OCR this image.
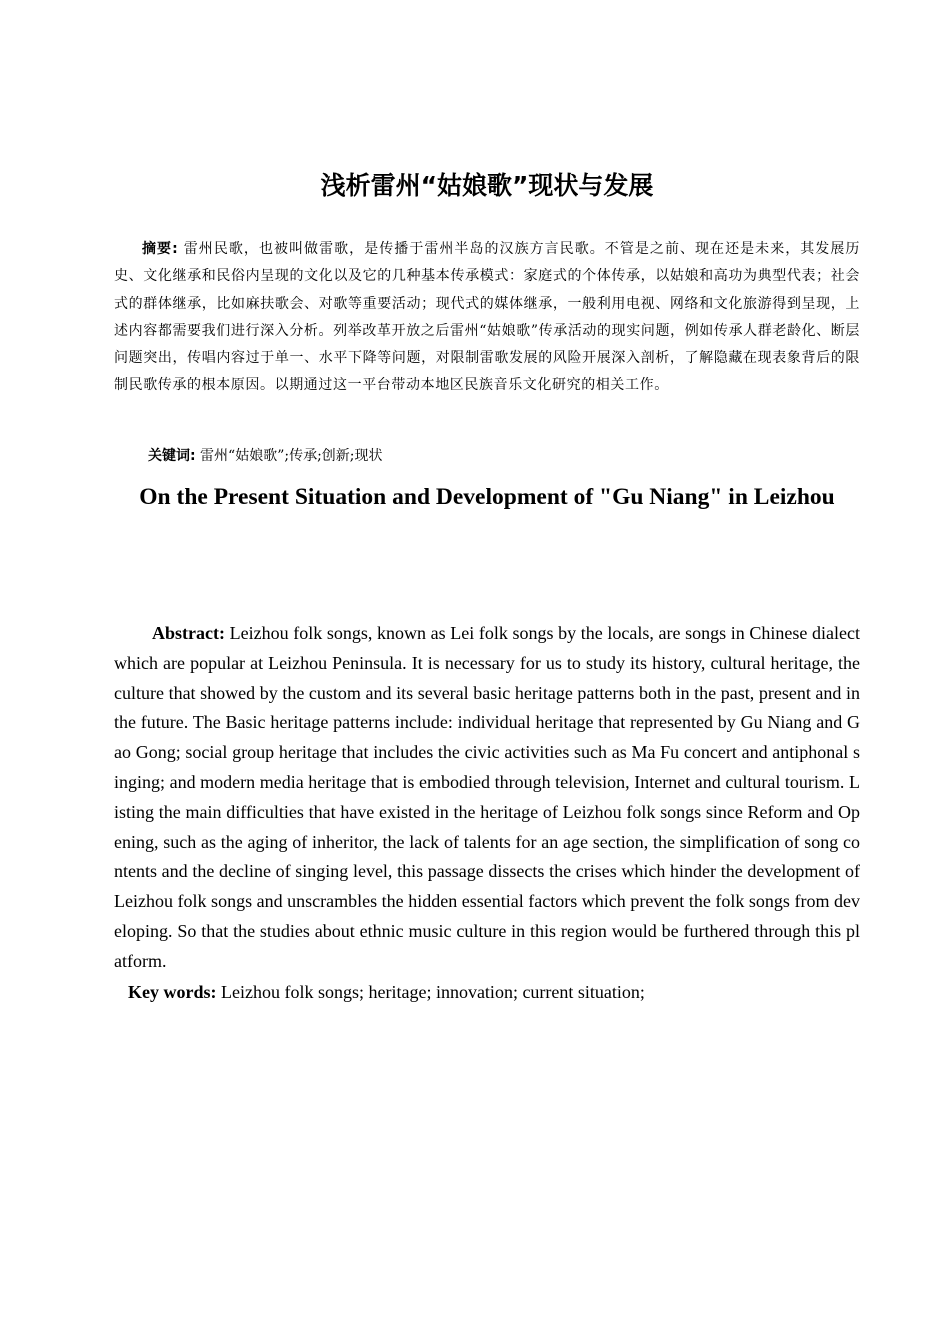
浅析雷州“姑娘歌”现状与发展

摘要: 雷州民歌，也被叫做雷歌，是传播于雷州半岛的汉族方言民歌。不管是之前、现在还是未来，其发展历史、文化继承和民俗内呈现的文化以及它的几种基本传承模式：家庭式的个体传承，以姑娘和高功为典型代表；社会式的群体继承，比如麻扶歌会、对歌等重要活动；现代式的媒体继承，一般利用电视、网络和文化旅游得到呈现，上述内容都需要我们进行深入分析。列举改革开放之后雷州“姑娘歌”传承活动的现实问题，例如传承人群老龄化、断层问题突出，传唱内容过于单一、水平下降等问题，对限制雷歌发展的风险开展深入剖析，了解隐藏在现表象背后的限制民歌传承的根本原因。以期通过这一平台带动本地区民族音乐文化研究的相关工作。

关键词: 雷州“姑娘歌”;传承;创新;现状

On the Present Situation and Development of "Gu Niang" in Leizhou

Abstract: Leizhou folk songs, known as Lei folk songs by the locals, are songs in Chinese dialect which are popular at Leizhou Peninsula. It is necessary for us to study its history, cultural heritage, the culture that showed by the custom and its several basic heritage patterns both in the past, present and in the future. The Basic heritage patterns include: individual heritage that represented by Gu Niang and Gao Gong; social group heritage that includes the civic activities such as Ma Fu concert and antiphonal singing; and modern media heritage that is embodied through television, Internet and cultural tourism. Listing the main difficulties that have existed in the heritage of Leizhou folk songs since Reform and Opening, such as the aging of inheritor, the lack of talents for an age section, the simplification of song contents and the decline of singing level, this passage dissects the crises which hinder the development of Leizhou folk songs and unscrambles the hidden essential factors which prevent the folk songs from developing. So that the studies about ethnic music culture in this region would be furthered through this platform.

Key words: Leizhou folk songs; heritage; innovation; current situation;
